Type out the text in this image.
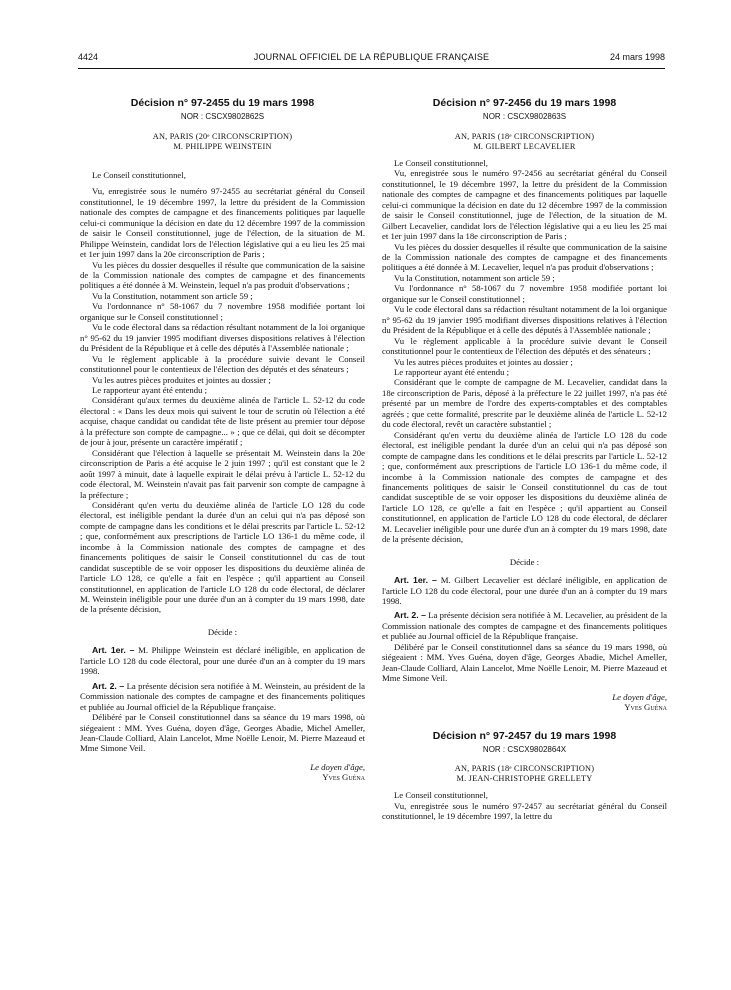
4424	JOURNAL OFFICIEL DE LA RÉPUBLIQUE FRANÇAISE	24 mars 1998
Décision n° 97-2455 du 19 mars 1998
NOR : CSCX9802862S
AN, PARIS (20ᵉ CIRCONSCRIPTION)
M. PHILIPPE WEINSTEIN

Le Conseil constitutionnel,

Vu, enregistrée sous le numéro 97-2455 au secrétariat général du Conseil constitutionnel, le 19 décembre 1997, la lettre du président de la Commission nationale des comptes de campagne et des financements politiques par laquelle celui-ci communique la décision en date du 12 décembre 1997 de la commission de saisir le Conseil constitutionnel, juge de l'élection, de la situation de M. Philippe Weinstein, candidat lors de l'élection législative qui a eu lieu les 25 mai et 1er juin 1997 dans la 20e circonscription de Paris ;

Vu les pièces du dossier desquelles il résulte que communication de la saisine de la Commission nationale des comptes de campagne et des financements politiques a été donnée à M. Weinstein, lequel n'a pas produit d'observations ;

Vu la Constitution, notamment son article 59 ;

Vu l'ordonnance n° 58-1067 du 7 novembre 1958 modifiée portant loi organique sur le Conseil constitutionnel ;

Vu le code électoral dans sa rédaction résultant notamment de la loi organique n° 95-62 du 19 janvier 1995 modifiant diverses dispositions relatives à l'élection du Président de la République et à celle des députés à l'Assemblée nationale ;

Vu le règlement applicable à la procédure suivie devant le Conseil constitutionnel pour le contentieux de l'élection des députés et des sénateurs ;

Vu les autres pièces produites et jointes au dossier ;

Le rapporteur ayant été entendu ;

Considérant qu'aux termes du deuxième alinéa de l'article L. 52-12 du code électoral : « Dans les deux mois qui suivent le tour de scrutin où l'élection a été acquise, chaque candidat ou candidat tête de liste présent au premier tour dépose à la préfecture son compte de campagne... » ; que ce délai, qui doit se décompter de jour à jour, présente un caractère impératif ;

Considérant que l'élection à laquelle se présentait M. Weinstein dans la 20e circonscription de Paris a été acquise le 2 juin 1997 ; qu'il est constant que le 2 août 1997 à minuit, date à laquelle expirait le délai prévu à l'article L. 52-12 du code électoral, M. Weinstein n'avait pas fait parvenir son compte de campagne à la préfecture ;

Considérant qu'en vertu du deuxième alinéa de l'article LO 128 du code électoral, est inéligible pendant la durée d'un an celui qui n'a pas déposé son compte de campagne dans les conditions et le délai prescrits par l'article L. 52-12 ; que, conformément aux prescriptions de l'article LO 136-1 du même code, il incombe à la Commission nationale des comptes de campagne et des financements politiques de saisir le Conseil constitutionnel du cas de tout candidat susceptible de se voir opposer les dispositions du deuxième alinéa de l'article LO 128, ce qu'elle a fait en l'espèce ; qu'il appartient au Conseil constitutionnel, en application de l'article LO 128 du code électoral, de déclarer M. Weinstein inéligible pour une durée d'un an à compter du 19 mars 1998, date de la présente décision,

Décide :

Art. 1er. – M. Philippe Weinstein est déclaré inéligible, en application de l'article LO 128 du code électoral, pour une durée d'un an à compter du 19 mars 1998.

Art. 2. – La présente décision sera notifiée à M. Weinstein, au président de la Commission nationale des comptes de campagne et des financements politiques et publiée au Journal officiel de la République française.

Délibéré par le Conseil constitutionnel dans sa séance du 19 mars 1998, où siégeaient : MM. Yves Guéna, doyen d'âge, Georges Abadie, Michel Ameller, Jean-Claude Colliard, Alain Lancelot, Mme Noëlle Lenoir, M. Pierre Mazeaud et Mme Simone Veil.

Le doyen d'âge,
Yves Guéna
Décision n° 97-2456 du 19 mars 1998
NOR : CSCX9802863S
AN, PARIS (18ᵉ CIRCONSCRIPTION)
M. GILBERT LECAVELIER

Le Conseil constitutionnel,

Vu, enregistrée sous le numéro 97-2456 au secrétariat général du Conseil constitutionnel, le 19 décembre 1997, la lettre du président de la Commission nationale des comptes de campagne et des financements politiques par laquelle celui-ci communique la décision en date du 12 décembre 1997 de la commission de saisir le Conseil constitutionnel, juge de l'élection, de la situation de M. Gilbert Lecavelier, candidat lors de l'élection législative qui a eu lieu les 25 mai et 1er juin 1997 dans la 18e circonscription de Paris ;

Vu les pièces du dossier desquelles il résulte que communication de la saisine de la Commission nationale des comptes de campagne et des financements politiques a été donnée à M. Lecavelier, lequel n'a pas produit d'observations ;

Vu la Constitution, notamment son article 59 ;

Vu l'ordonnance n° 58-1067 du 7 novembre 1958 modifiée portant loi organique sur le Conseil constitutionnel ;

Vu le code électoral dans sa rédaction résultant notamment de la loi organique n° 95-62 du 19 janvier 1995 modifiant diverses dispositions relatives à l'élection du Président de la République et à celle des députés à l'Assemblée nationale ;

Vu le règlement applicable à la procédure suivie devant le Conseil constitutionnel pour le contentieux de l'élection des députés et des sénateurs ;

Vu les autres pièces produites et jointes au dossier ;

Le rapporteur ayant été entendu ;

Considérant que le compte de campagne de M. Lecavelier, candidat dans la 18e circonscription de Paris, déposé à la préfecture le 22 juillet 1997, n'a pas été présenté par un membre de l'ordre des experts-comptables et des comptables agréés ; que cette formalité, prescrite par le deuxième alinéa de l'article L. 52-12 du code électoral, revêt un caractère substantiel ;

Considérant qu'en vertu du deuxième alinéa de l'article LO 128 du code électoral, est inéligible pendant la durée d'un an celui qui n'a pas déposé son compte de campagne dans les conditions et le délai prescrits par l'article L. 52-12 ; que, conformément aux prescriptions de l'article LO 136-1 du même code, il incombe à la Commission nationale des comptes de campagne et des financements politiques de saisir le Conseil constitutionnel du cas de tout candidat susceptible de se voir opposer les dispositions du deuxième alinéa de l'article LO 128, ce qu'elle a fait en l'espèce ; qu'il appartient au Conseil constitutionnel, en application de l'article LO 128 du code électoral, de déclarer M. Lecavelier inéligible pour une durée d'un an à compter du 19 mars 1998, date de la présente décision,

Décide :

Art. 1er. – M. Gilbert Lecavelier est déclaré inéligible, en application de l'article LO 128 du code électoral, pour une durée d'un an à compter du 19 mars 1998.

Art. 2. – La présente décision sera notifiée à M. Lecavelier, au président de la Commission nationale des comptes de campagne et des financements politiques et publiée au Journal officiel de la République française.

Délibéré par le Conseil constitutionnel dans sa séance du 19 mars 1998, où siégeaient : MM. Yves Guéna, doyen d'âge, Georges Abadie, Michel Ameller, Jean-Claude Colliard, Alain Lancelot, Mme Noëlle Lenoir, M. Pierre Mazeaud et Mme Simone Veil.

Le doyen d'âge,
Yves Guéna
Décision n° 97-2457 du 19 mars 1998
NOR : CSCX9802864X
AN, PARIS (18ᵉ CIRCONSCRIPTION)
M. JEAN-CHRISTOPHE GRELLETY

Le Conseil constitutionnel,

Vu, enregistrée sous le numéro 97-2457 au secrétariat général du Conseil constitutionnel, le 19 décembre 1997, la lettre du
